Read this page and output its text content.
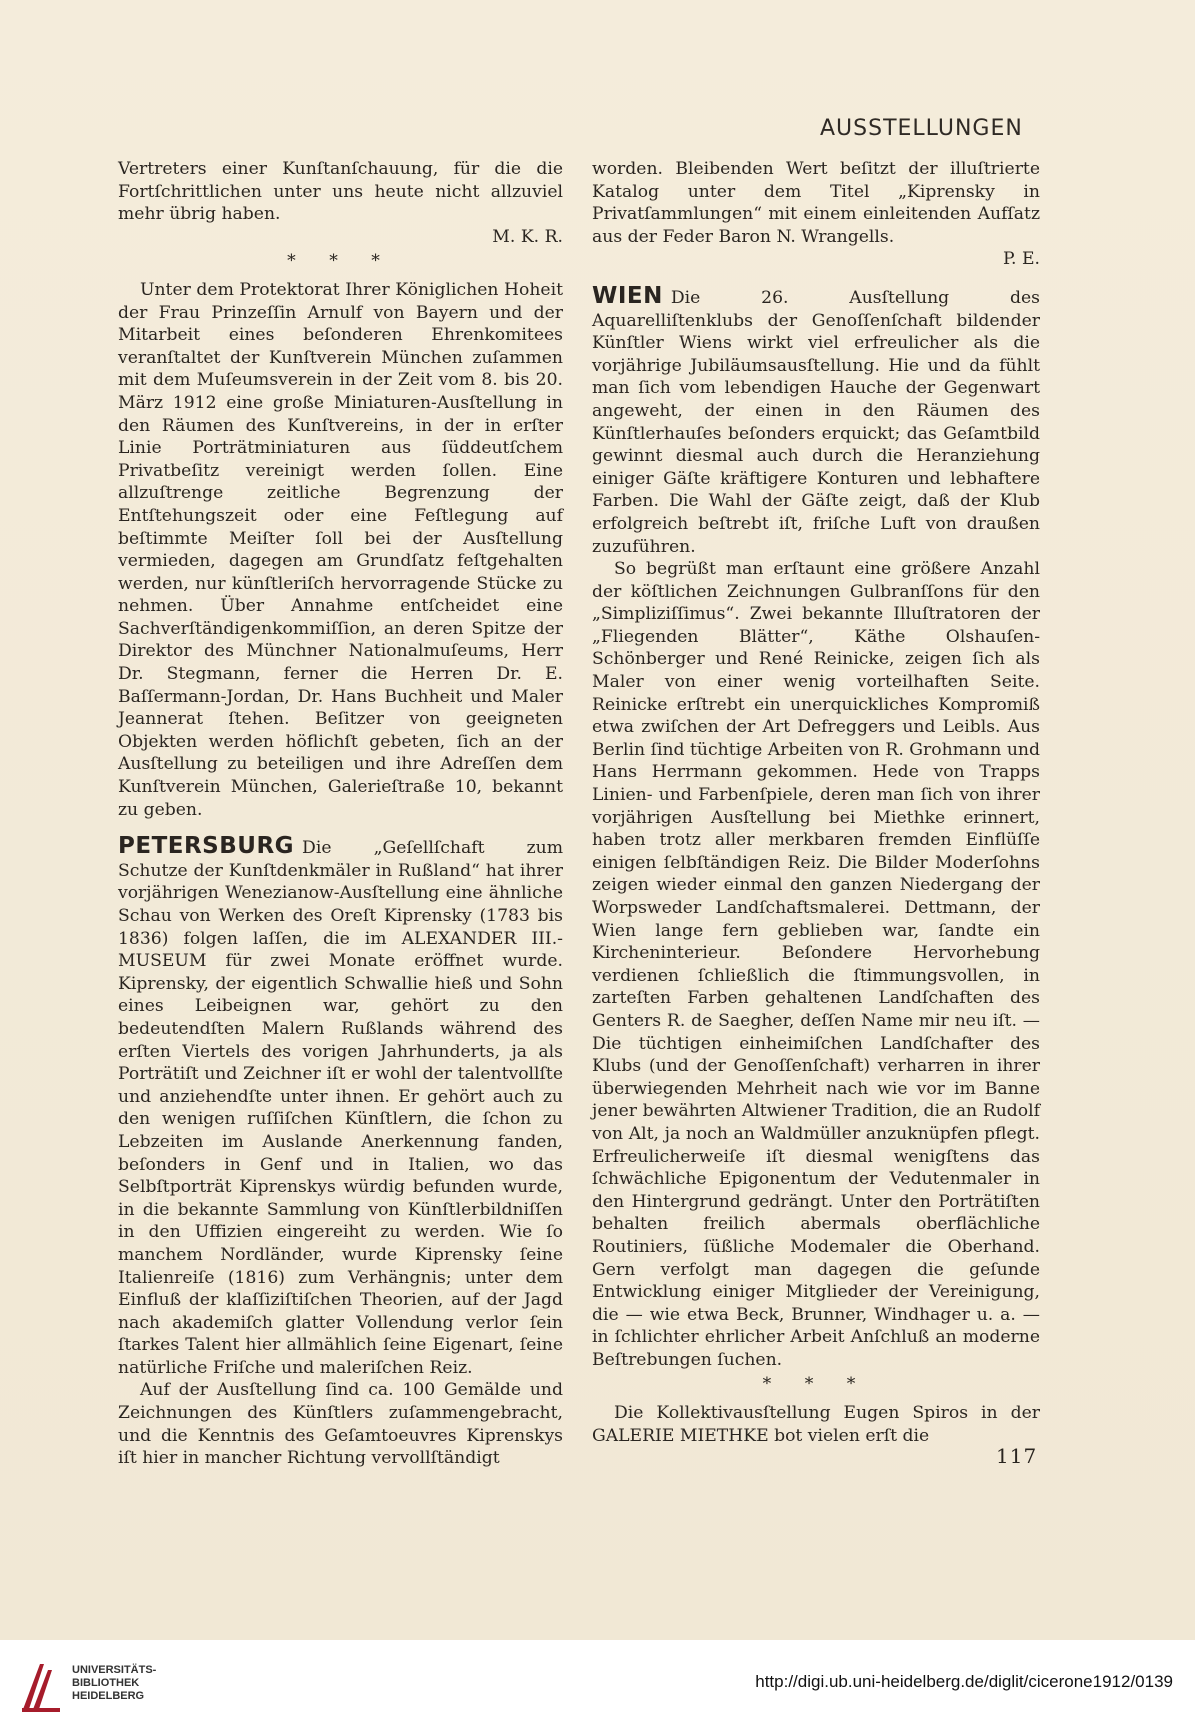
AUSSTELLUNGEN

Vertreters einer Kunſtanſchauung, für die die Fortſchrittlichen unter uns heute nicht allzuviel mehr übrig haben.

M. K. R.
* * *

Unter dem Protektorat Ihrer Königlichen Hoheit der Frau Prinzeſſin Arnulf von Bayern und der Mitarbeit eines beſonderen Ehrenkomitees veranſtaltet der Kunſtverein München zuſammen mit dem Muſeumsverein in der Zeit vom 8. bis 20. März 1912 eine große Miniaturen-Ausſtellung in den Räumen des Kunſtvereins, in der in erſter Linie Porträtminiaturen aus ſüddeutſchem Privatbeſitz vereinigt werden ſollen. Eine allzuſtrenge zeitliche Begrenzung der Entſtehungszeit oder eine Feſtlegung auf beſtimmte Meiſter ſoll bei der Ausſtellung vermieden, dagegen am Grundſatz feſtgehalten werden, nur künſtleriſch hervorragende Stücke zu nehmen. Über Annahme entſcheidet eine Sachverſtändigenkommiſſion, an deren Spitze der Direktor des Münchner Nationalmuſeums, Herr Dr. Stegmann, ferner die Herren Dr. E. Baſſermann-Jordan, Dr. Hans Buchheit und Maler Jeannerat ſtehen. Beſitzer von geeigneten Objekten werden höflichſt gebeten, ſich an der Ausſtellung zu beteiligen und ihre Adreſſen dem Kunſtverein München, Galerieſtraße 10, bekannt zu geben.

PETERSBURG Die „Geſellſchaft zum Schutze der Kunſtdenkmäler in Rußland“ hat ihrer vorjährigen Wenezianow-Ausſtellung eine ähnliche Schau von Werken des Oreſt Kiprensky (1783 bis 1836) folgen laſſen, die im ALEXANDER III.-MUSEUM für zwei Monate eröffnet wurde. Kiprensky, der eigentlich Schwallie hieß und Sohn eines Leibeignen war, gehört zu den bedeutendſten Malern Rußlands während des erſten Viertels des vorigen Jahrhunderts, ja als Porträtiſt und Zeichner iſt er wohl der talentvollſte und anziehendſte unter ihnen. Er gehört auch zu den wenigen ruſſiſchen Künſtlern, die ſchon zu Lebzeiten im Auslande Anerkennung fanden, beſonders in Genf und in Italien, wo das Selbſtporträt Kiprenskys würdig befunden wurde, in die bekannte Sammlung von Künſtlerbildniſſen in den Uffizien eingereiht zu werden. Wie ſo manchem Nordländer, wurde Kiprensky ſeine Italienreiſe (1816) zum Verhängnis; unter dem Einfluß der klaſſiziſtiſchen Theorien, auf der Jagd nach akademiſch glatter Vollendung verlor ſein ſtarkes Talent hier allmählich ſeine Eigenart, ſeine natürliche Friſche und maleriſchen Reiz.

Auf der Ausſtellung ſind ca. 100 Gemälde und Zeichnungen des Künſtlers zuſammengebracht, und die Kenntnis des Geſamtoeuvres Kiprenskys iſt hier in mancher Richtung vervollſtändigt

worden. Bleibenden Wert beſitzt der illuſtrierte Katalog unter dem Titel „Kiprensky in Privatſammlungen“ mit einem einleitenden Aufſatz aus der Feder Baron N. Wrangells.

P. E.

WIEN Die 26. Ausſtellung des Aquarelliſtenklubs der Genoſſenſchaft bildender Künſtler Wiens wirkt viel erfreulicher als die vorjährige Jubiläumsausſtellung. Hie und da fühlt man ſich vom lebendigen Hauche der Gegenwart angeweht, der einen in den Räumen des Künſtlerhauſes beſonders erquickt; das Geſamtbild gewinnt diesmal auch durch die Heranziehung einiger Gäſte kräftigere Konturen und lebhaftere Farben. Die Wahl der Gäſte zeigt, daß der Klub erfolgreich beſtrebt iſt, friſche Luft von draußen zuzuführen.

So begrüßt man erſtaunt eine größere Anzahl der köſtlichen Zeichnungen Gulbranſſons für den „Simpliziſſimus“. Zwei bekannte Illuſtratoren der „Fliegenden Blätter“, Käthe Olshauſen-Schönberger und René Reinicke, zeigen ſich als Maler von einer wenig vorteilhaften Seite. Reinicke erſtrebt ein unerquickliches Kompromiß etwa zwiſchen der Art Defreggers und Leibls. Aus Berlin ſind tüchtige Arbeiten von R. Grohmann und Hans Herrmann gekommen. Hede von Trapps Linien- und Farbenſpiele, deren man ſich von ihrer vorjährigen Ausſtellung bei Miethke erinnert, haben trotz aller merkbaren fremden Einflüſſe einigen ſelbſtändigen Reiz. Die Bilder Moderſohns zeigen wieder einmal den ganzen Niedergang der Worpsweder Landſchaftsmalerei. Dettmann, der Wien lange fern geblieben war, ſandte ein Kircheninterieur. Beſondere Hervorhebung verdienen ſchließlich die ſtimmungsvollen, in zarteſten Farben gehaltenen Landſchaften des Genters R. de Saegher, deſſen Name mir neu iſt. — Die tüchtigen einheimiſchen Landſchafter des Klubs (und der Genoſſenſchaft) verharren in ihrer überwiegenden Mehrheit nach wie vor im Banne jener bewährten Altwiener Tradition, die an Rudolf von Alt, ja noch an Waldmüller anzuknüpfen pflegt. Erfreulicherweiſe iſt diesmal wenigſtens das ſchwächliche Epigonentum der Vedutenmaler in den Hintergrund gedrängt. Unter den Porträtiſten behalten freilich abermals oberflächliche Routiniers, ſüßliche Modemaler die Oberhand. Gern verfolgt man dagegen die geſunde Entwicklung einiger Mitglieder der Vereinigung, die — wie etwa Beck, Brunner, Windhager u. a. — in ſchlichter ehrlicher Arbeit Anſchluß an moderne Beſtrebungen ſuchen.

* * *

Die Kollektivausſtellung Eugen Spiros in der GALERIE MIETHKE bot vielen erſt die

117
UNIVERSITÄTS-
BIBLIOTHEK
HEIDELBERG
http://digi.ub.uni-heidelberg.de/diglit/cicerone1912/0139
